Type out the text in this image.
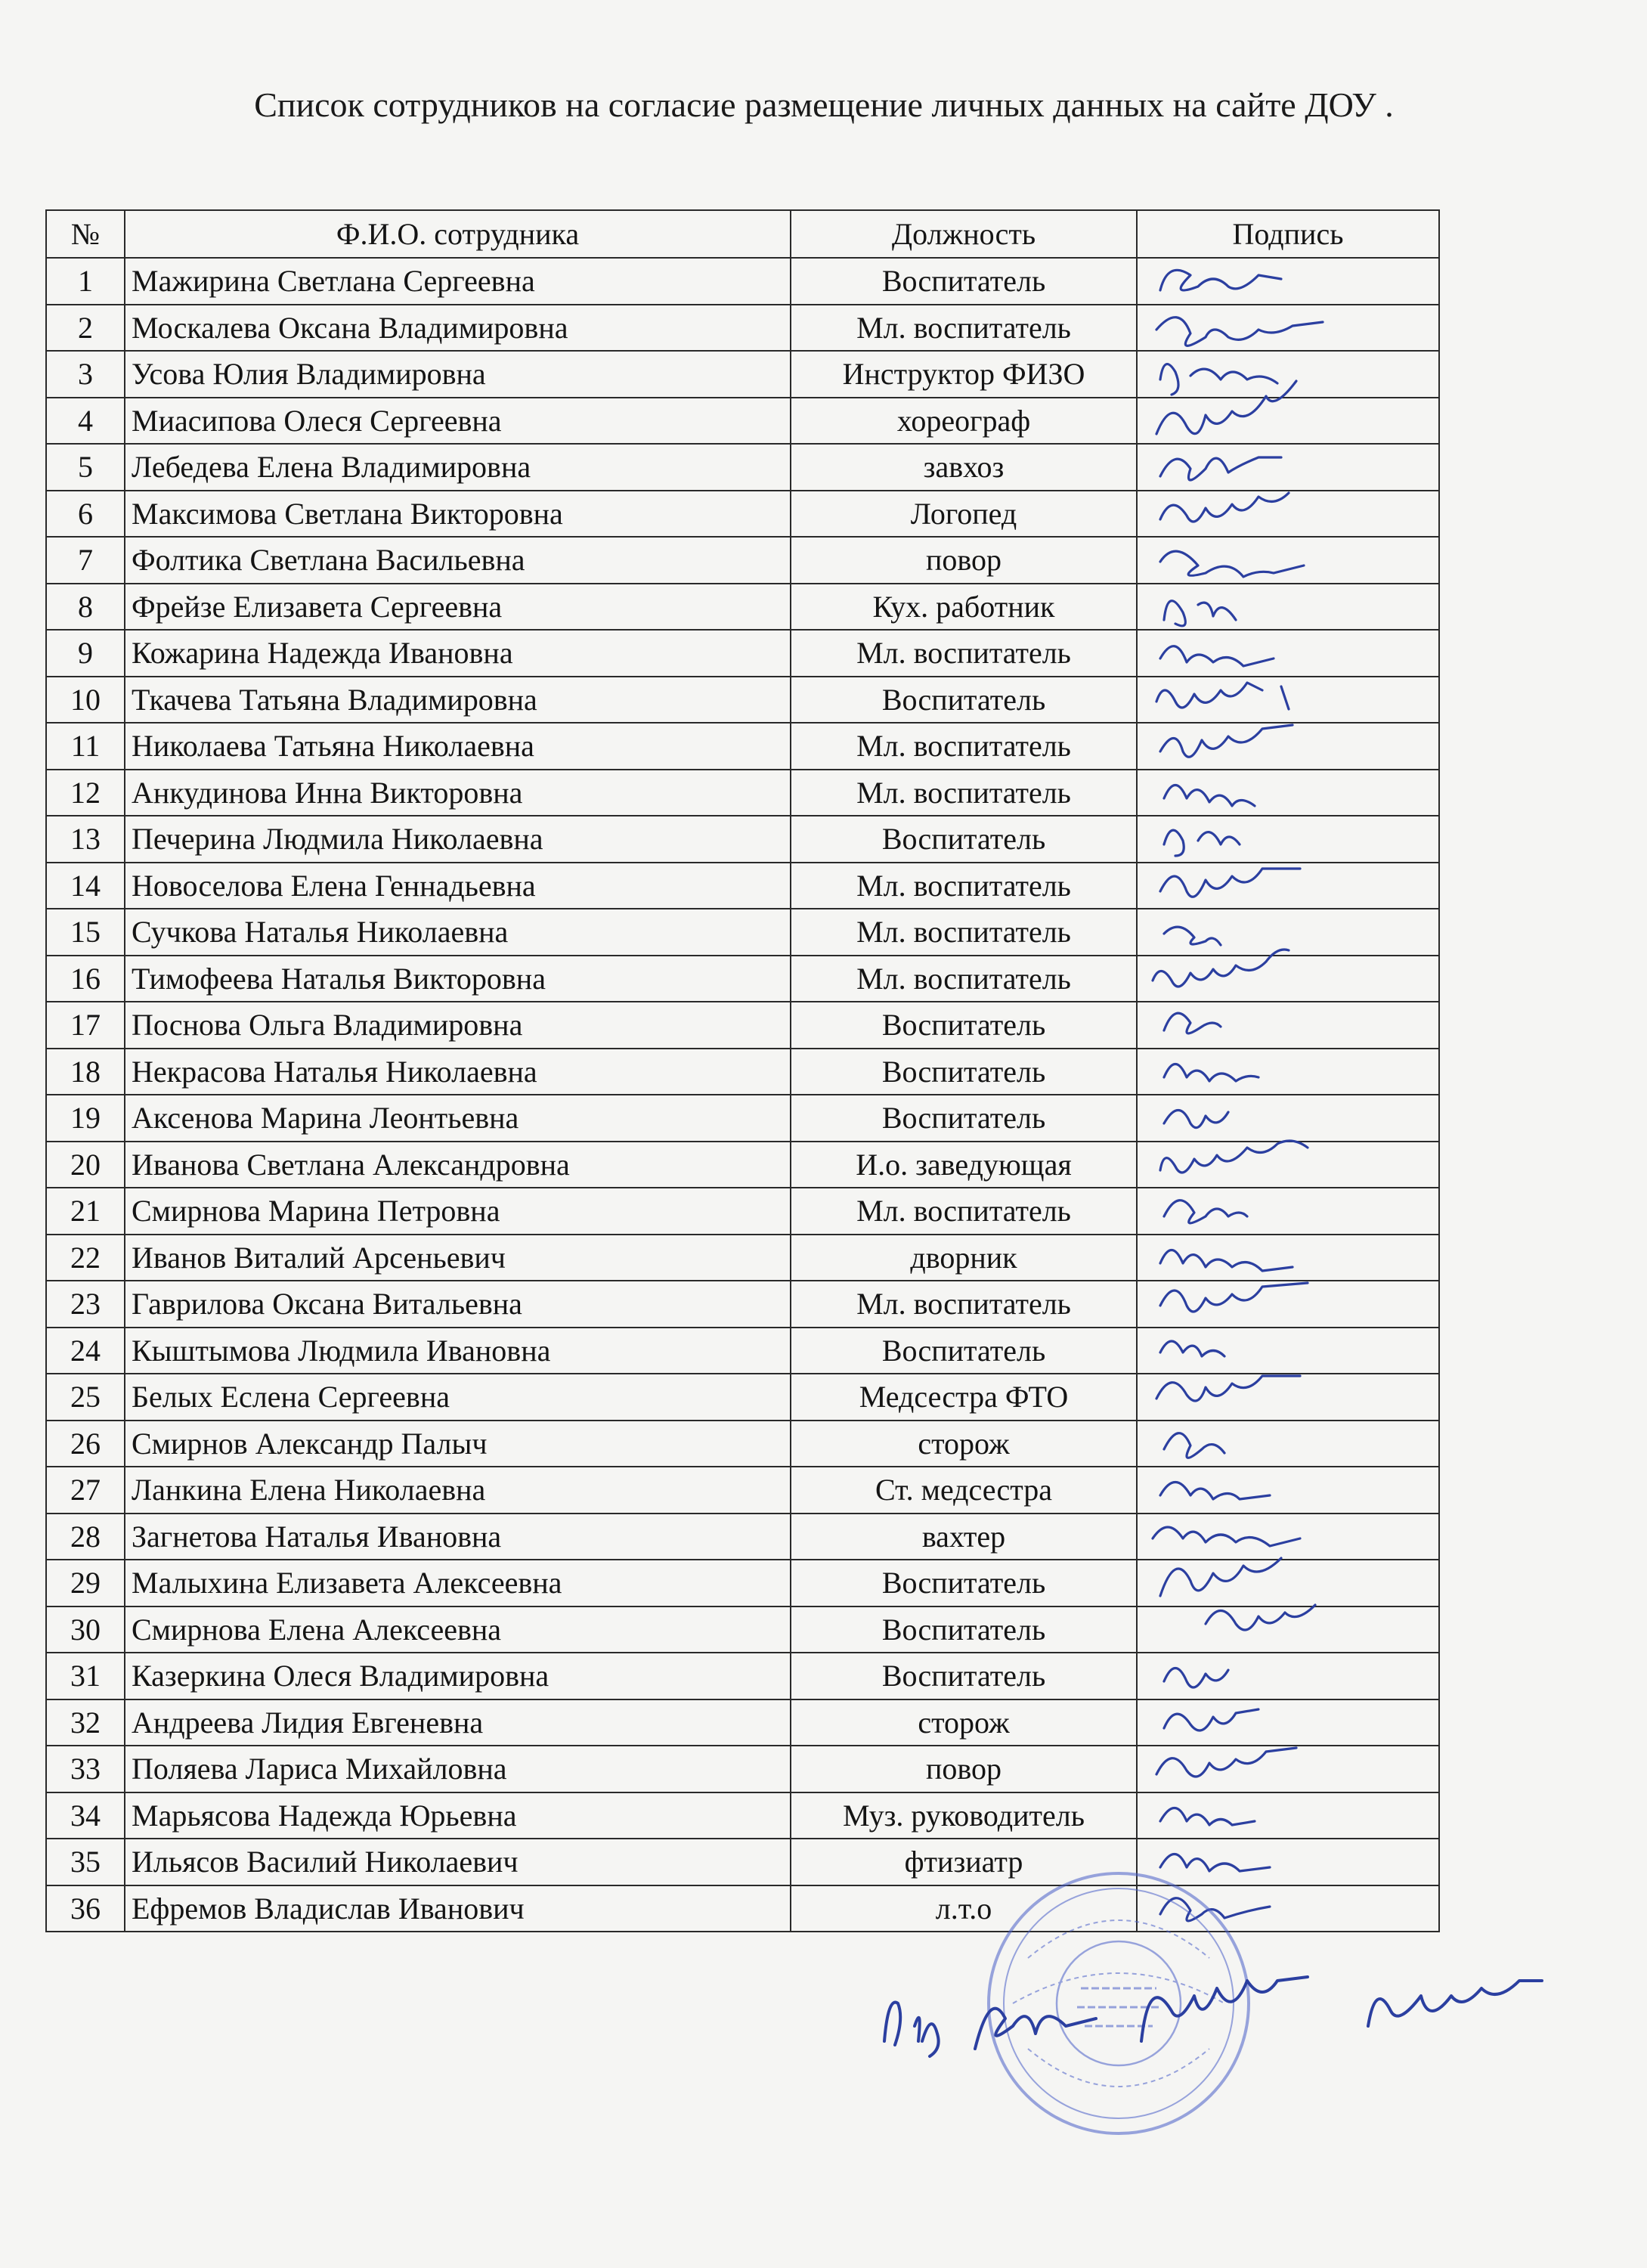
Список сотрудников на согласие размещение личных данных на сайте ДОУ .
№	Ф.И.О. сотрудника	Должность	Подпись
1	Мажирина Светлана Сергеевна	Воспитатель	

2	Москалева Оксана Владимировна	Мл. воспитатель	

3	Усова Юлия Владимировна	Инструктор ФИЗО	

4	Миасипова Олеся Сергеевна	хореограф	

5	Лебедева Елена Владимировна	завхоз	

6	Максимова Светлана Викторовна	Логопед	

7	Фолтика Светлана Васильевна	повор	

8	Фрейзе Елизавета Сергеевна	Кух. работник	

9	Кожарина Надежда Ивановна	Мл. воспитатель	

10	Ткачева Татьяна Владимировна	Воспитатель	

11	Николаева Татьяна Николаевна	Мл. воспитатель	

12	Анкудинова Инна Викторовна	Мл. воспитатель	

13	Печерина Людмила Николаевна	Воспитатель	

14	Новоселова Елена Геннадьевна	Мл. воспитатель	

15	Сучкова Наталья Николаевна	Мл. воспитатель	

16	Тимофеева Наталья Викторовна	Мл. воспитатель	

17	Поснова Ольга Владимировна	Воспитатель	

18	Некрасова Наталья Николаевна	Воспитатель	

19	Аксенова Марина Леонтьевна	Воспитатель	

20	Иванова Светлана Александровна	И.о. заведующая	

21	Смирнова Марина Петровна	Мл. воспитатель	

22	Иванов Виталий Арсеньевич	дворник	

23	Гаврилова Оксана Витальевна	Мл. воспитатель	

24	Кыштымова Людмила Ивановна	Воспитатель	

25	Белых Еслена Сергеевна	Медсестра ФТО	

26	Смирнов Александр Палыч	сторож	

27	Ланкина Елена Николаевна	Ст. медсестра	

28	Загнетова Наталья Ивановна	вахтер	

29	Малыхина Елизавета Алексеевна	Воспитатель	

30	Смирнова Елена Алексеевна	Воспитатель	

31	Казеркина Олеся Владимировна	Воспитатель	

32	Андреева Лидия Евгеневна	сторож	

33	Поляева Лариса Михайловна	повор	

34	Марьясова Надежда Юрьевна	Муз. руководитель	

35	Ильясов Василий Николаевич	фтизиатр	

36	Ефремов Владислав Иванович	л.т.о	
